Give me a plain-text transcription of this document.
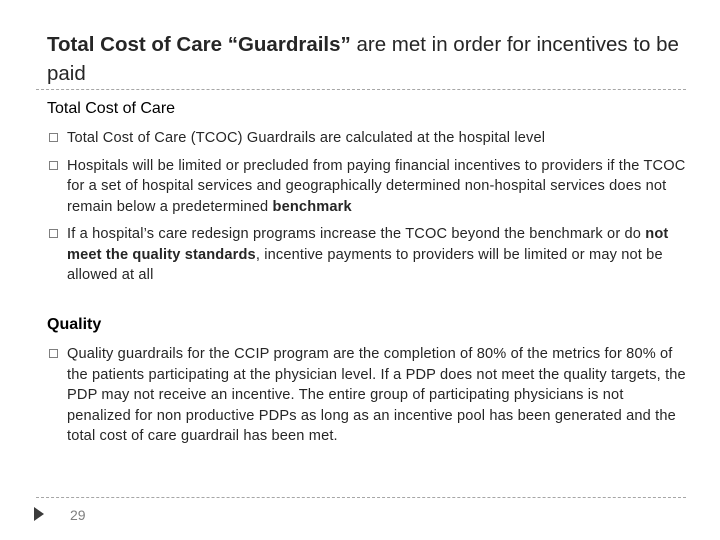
Total Cost of Care “Guardrails” are met in order for incentives to be paid
Total Cost of Care
Total Cost of Care (TCOC) Guardrails are calculated at the hospital level
Hospitals will be limited or precluded from paying financial incentives to providers if the TCOC for a set of hospital services and geographically determined non-hospital services does not remain below a predetermined benchmark
If a hospital’s care redesign programs increase the TCOC beyond the benchmark or do not meet the quality standards, incentive payments to providers will be limited or may not be allowed at all
Quality
Quality guardrails for the CCIP program are the completion of 80% of the metrics for 80% of the patients participating at the physician level. If a PDP does not meet the quality targets, the PDP may not receive an incentive. The entire group of participating physicians is not penalized for non productive PDPs as long as an incentive pool has been generated and the total cost of care guardrail has been met.
29
